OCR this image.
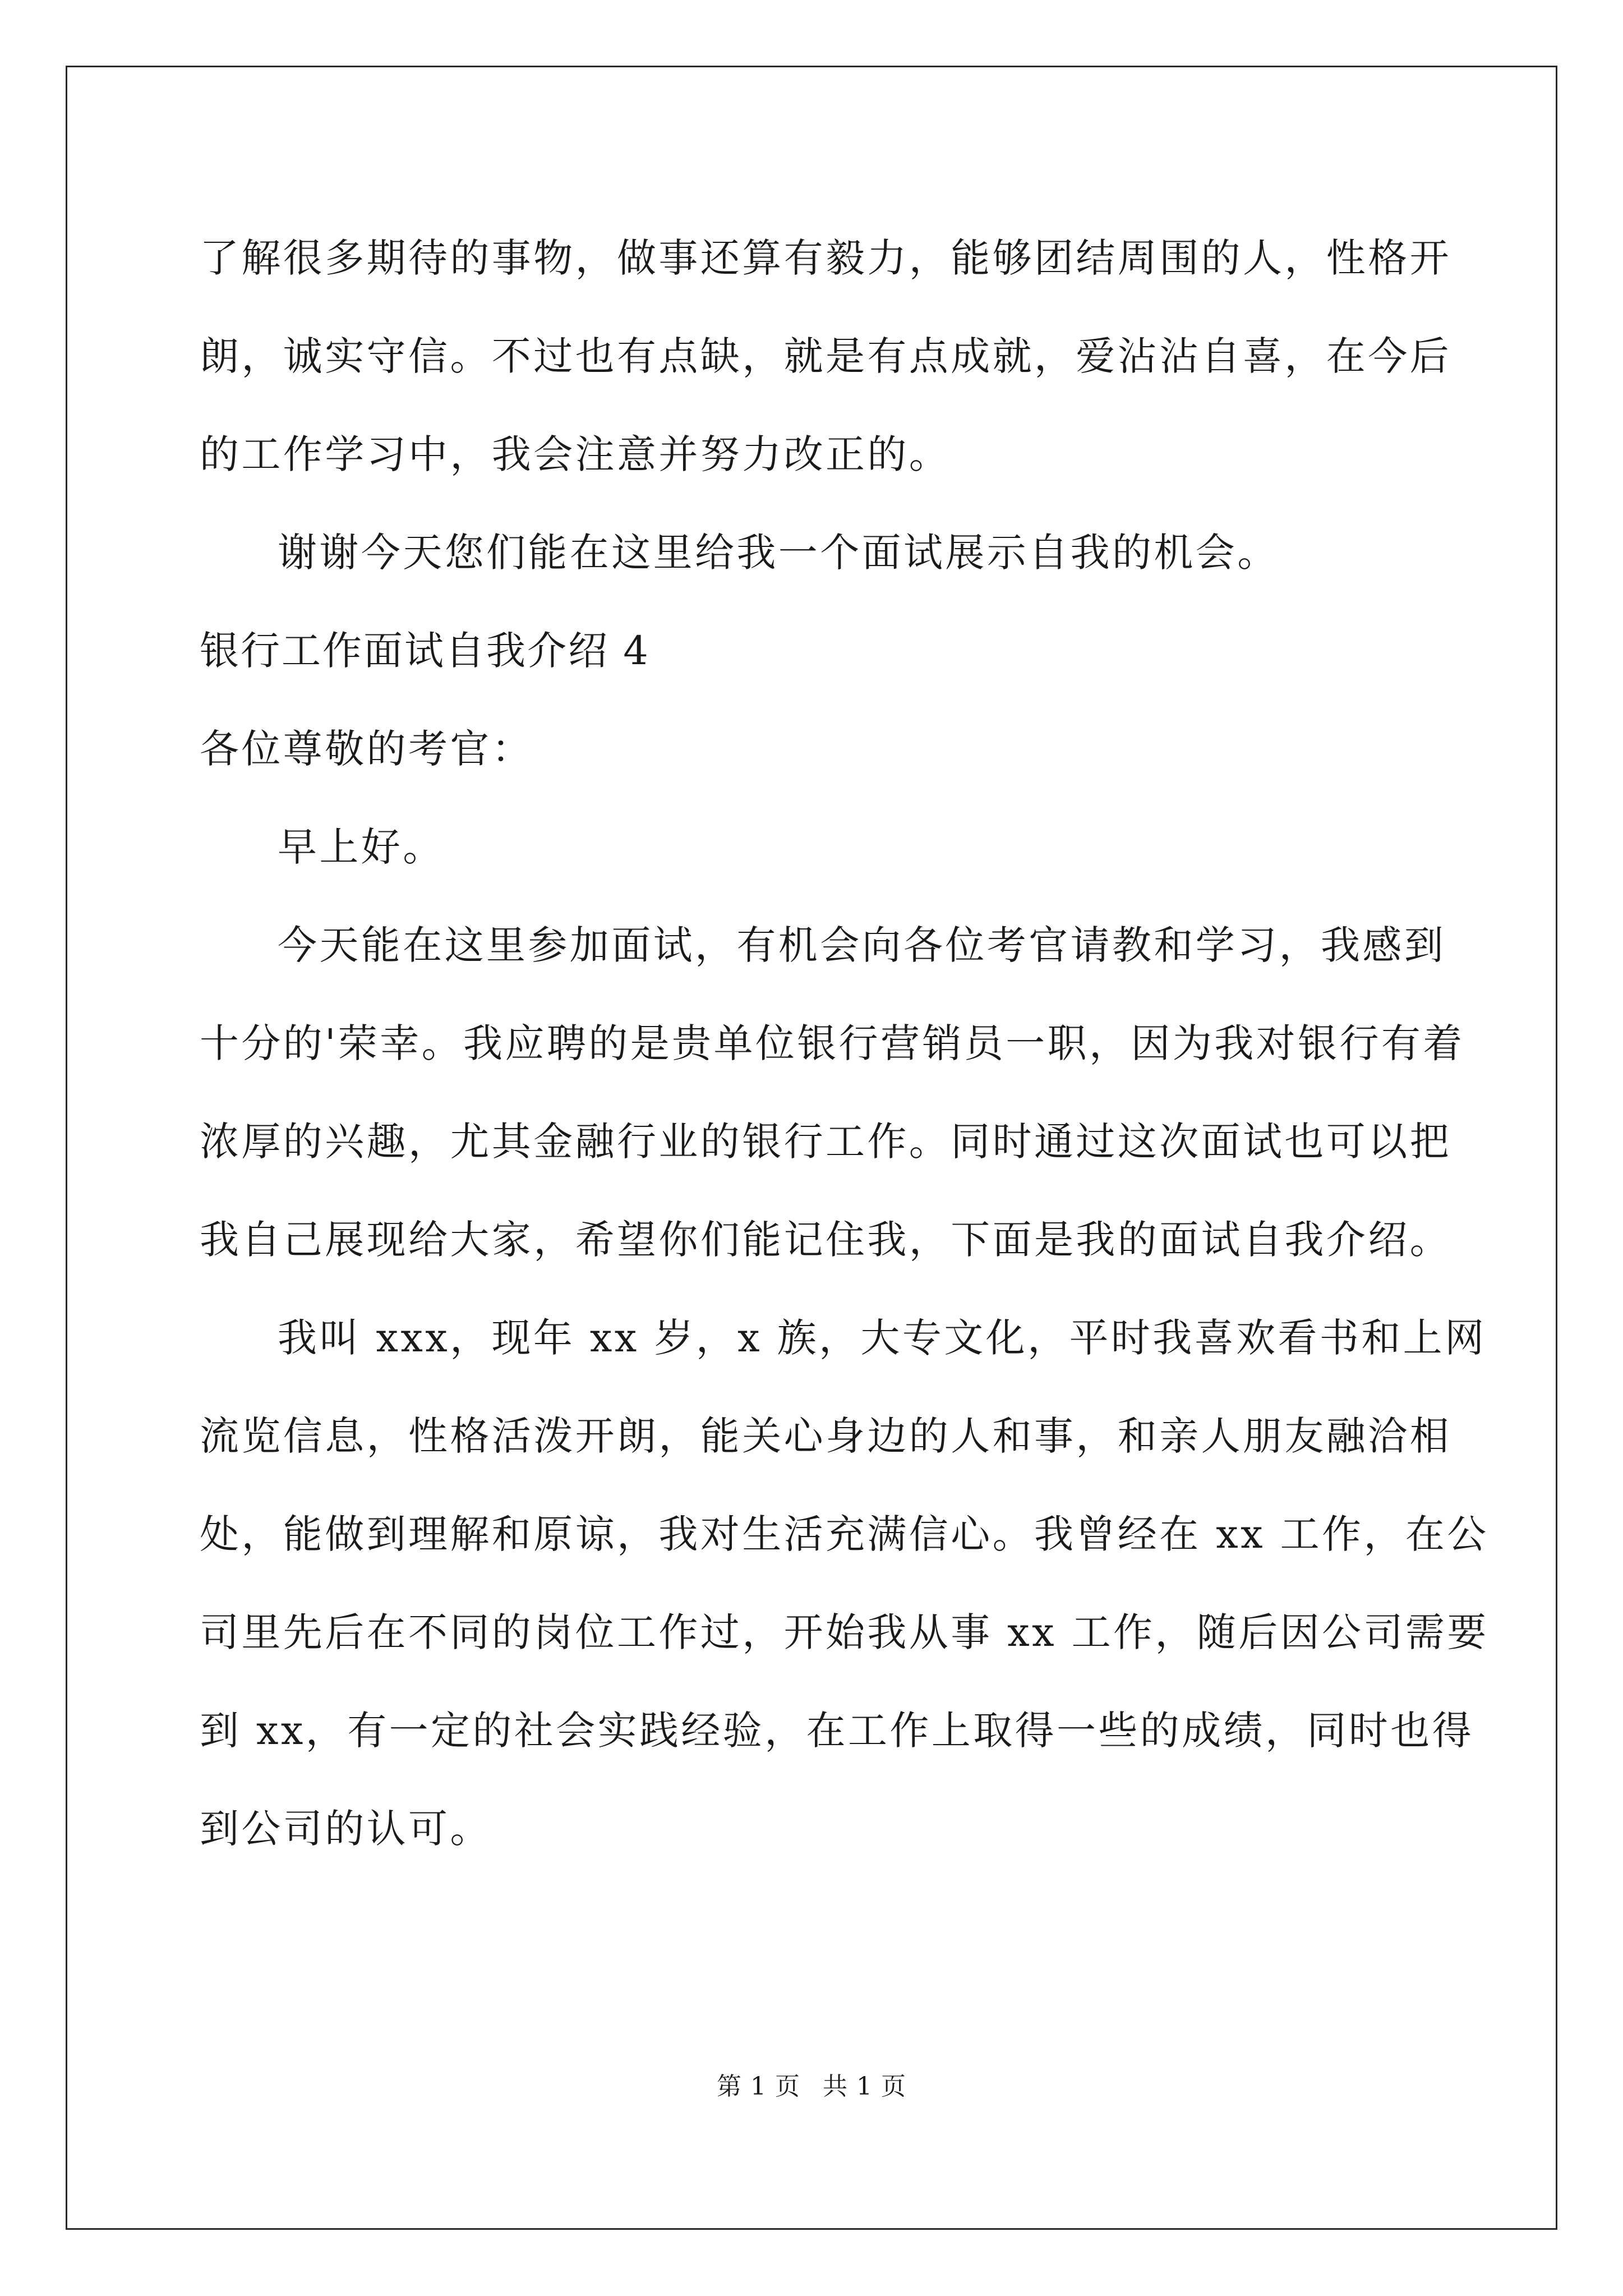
了解很多期待的事物，做事还算有毅力，能够团结周围的人，性格开
朗，诚实守信。不过也有点缺，就是有点成就，爱沾沾自喜，在今后
的工作学习中，我会注意并努力改正的。
谢谢今天您们能在这里给我一个面试展示自我的机会。
银行工作面试自我介绍 4
各位尊敬的考官：
早上好。
今天能在这里参加面试，有机会向各位考官请教和学习，我感到
十分的'荣幸。我应聘的是贵单位银行营销员一职，因为我对银行有着
浓厚的兴趣，尤其金融行业的银行工作。同时通过这次面试也可以把
我自己展现给大家，希望你们能记住我，下面是我的面试自我介绍。
我叫 xxx，现年 xx 岁，x 族，大专文化，平时我喜欢看书和上网
流览信息，性格活泼开朗，能关心身边的人和事，和亲人朋友融洽相
处，能做到理解和原谅，我对生活充满信心。我曾经在 xx 工作，在公
司里先后在不同的岗位工作过，开始我从事 xx 工作，随后因公司需要
到 xx，有一定的社会实践经验，在工作上取得一些的成绩，同时也得
到公司的认可。
第 1 页 共 1 页
